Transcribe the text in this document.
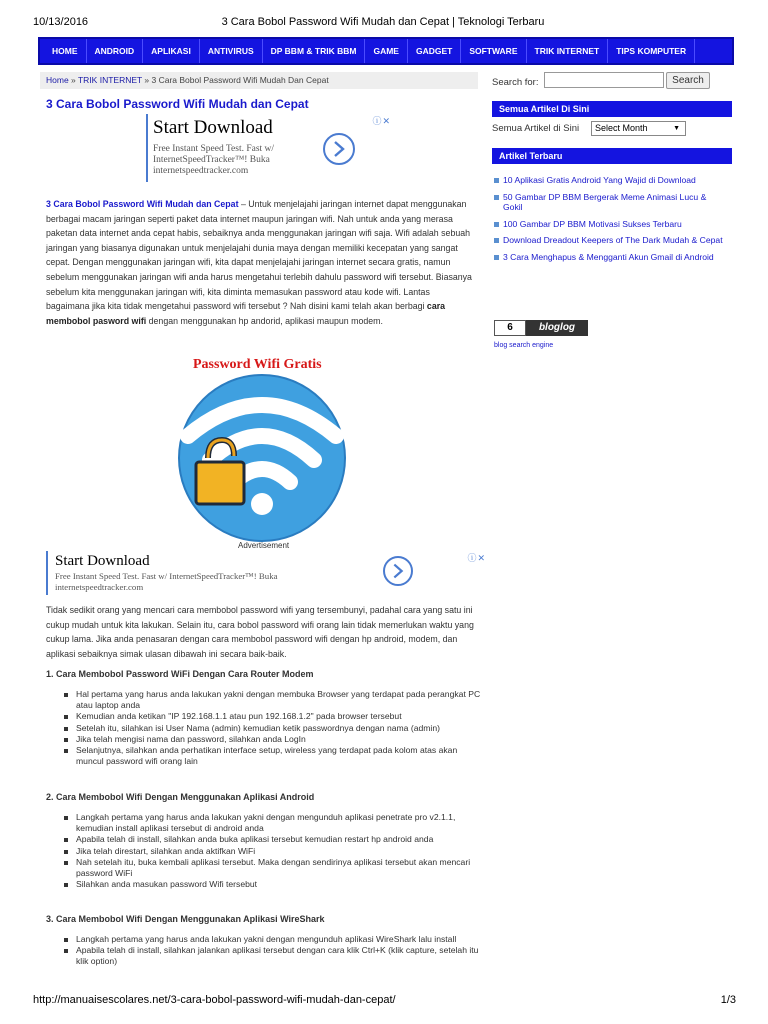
10/13/2016	3 Cara Bobol Password Wifi Mudah dan Cepat | Teknologi Terbaru
HOME	ANDROID	APLIKASI	ANTIVIRUS	DP BBM & TRIK BBM	GAME	GADGET	SOFTWARE	TRIK INTERNET	TIPS KOMPUTER
Home » TRIK INTERNET » 3 Cara Bobol Password Wifi Mudah Dan Cepat
3 Cara Bobol Password Wifi Mudah dan Cepat
Start Download
Free Instant Speed Test. Fast w/
InternetSpeedTracker™! Buka
internetspeedtracker.com
ⓘ✕
3 Cara Bobol Password Wifi Mudah dan Cepat – Untuk menjelajahi jaringan internet dapat menggunakan berbagai macam jaringan seperti paket data internet maupun jaringan wifi. Nah untuk anda yang merasa paketan data internet anda cepat habis, sebaiknya anda menggunakan jaringan wifi saja. Wifi adalah sebuah jaringan yang biasanya digunakan untuk menjelajahi dunia maya dengan memiliki kecepatan yang sangat cepat. Dengan menggunakan jaringan wifi, kita dapat menjelajahi jaringan internet secara gratis, namun sebelum menggunakan jaringan wifi anda harus mengetahui terlebih dahulu password wifi tersebut. Biasanya sebelum kita menggunakan jaringan wifi, kita diminta memasukan password atau kode wifi. Lantas bagaimana jika kita tidak mengetahui password wifi tersebut ? Nah disini kami telah akan berbagi cara membobol pasword wifi dengan menggunakan hp andorid, aplikasi maupun modem.
Password Wifi Gratis
Advertisement
Start Download
Free Instant Speed Test. Fast w/ InternetSpeedTracker™! Buka
internetspeedtracker.com
ⓘ✕
Tidak sedikit orang yang mencari cara membobol password wifi yang tersembunyi, padahal cara yang satu ini cukup mudah untuk kita lakukan. Selain itu, cara bobol password wifi orang lain tidak memerlukan waktu yang cukup lama. Jika anda penasaran dengan cara membobol password wifi dengan hp android, modem, dan aplikasi sebaiknya simak ulasan dibawah ini secara baik-baik.
1. Cara Membobol Password WiFi Dengan Cara Router Modem
Hal pertama yang harus anda lakukan yakni dengan membuka Browser yang terdapat pada perangkat PC atau laptop anda
Kemudian anda ketikan "IP 192.168.1.1 atau pun 192.168.1.2" pada browser tersebut
Setelah itu, silahkan isi User Nama (admin) kemudian ketik passwordnya dengan nama (admin)
Jika telah mengisi nama dan password, silahkan anda LogIn
Selanjutnya, silahkan anda perhatikan interface setup, wireless yang terdapat pada kolom atas akan muncul password wifi orang lain
2. Cara Membobol Wifi Dengan Menggunakan Aplikasi Android
Langkah pertama yang harus anda lakukan yakni dengan mengunduh aplikasi penetrate pro v2.1.1, kemudian install aplikasi tersebut di android anda
Apabila telah di install, silahkan anda buka aplikasi tersebut kemudian restart hp android anda
Jika telah direstart, silahkan anda aktifkan WiFi
Nah setelah itu, buka kembali aplikasi tersebut. Maka dengan sendirinya aplikasi tersebut akan mencari password WiFi
Silahkan anda masukan password Wifi tersebut
3. Cara Membobol Wifi Dengan Menggunakan Aplikasi WireShark
Langkah pertama yang harus anda lakukan yakni dengan mengunduh aplikasi WireShark lalu install
Apabila telah di install, silahkan jalankan aplikasi tersebut dengan cara klik Ctrl+K (klik capture, setelah itu klik option)
Search for:	Search
Semua Artikel Di Sini
Semua Artikel di Sini	Select Month	▼
Artikel Terbaru
10 Aplikasi Gratis Android Yang Wajid di Download
50 Gambar DP BBM Bergerak Meme Animasi Lucu & Gokil
100 Gambar DP BBM Motivasi Sukses Terbaru
Download Dreadout Keepers of The Dark Mudah & Cepat
3 Cara Menghapus & Mengganti Akun Gmail di Android
6	bloglog
blog search engine
http://manuaisescolares.net/3-cara-bobol-password-wifi-mudah-dan-cepat/	1/3
